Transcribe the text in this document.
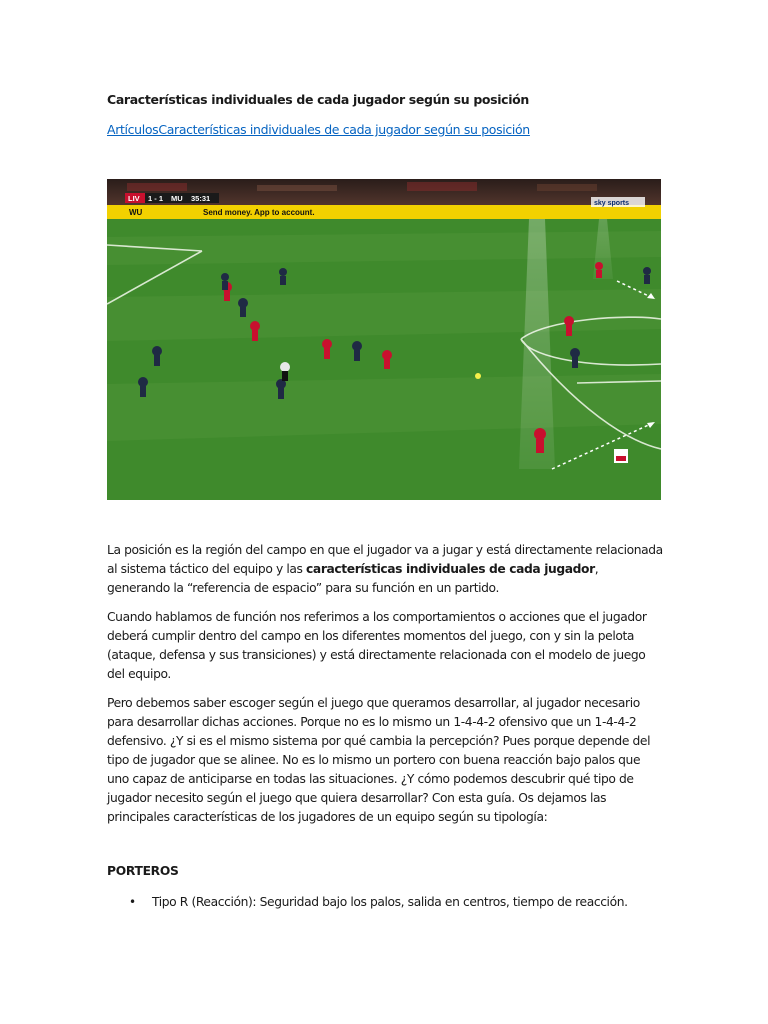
Características individuales de cada jugador según su posición
ArtículosCaracterísticas individuales de cada jugador según su posición
WU	Send money. App to account.
LIV 1 - 1 MU 35:31
sky sports
La posición es la región del campo en que el jugador va a jugar y está directamente relacionada al sistema táctico del equipo y las características individuales de cada jugador, generando la “referencia de espacio” para su función en un partido.
Cuando hablamos de función nos referimos a los comportamientos o acciones que el jugador deberá cumplir dentro del campo en los diferentes momentos del juego, con y sin la pelota (ataque, defensa y sus transiciones) y está directamente relacionada con el modelo de juego del equipo.
Pero debemos saber escoger según el juego que queramos desarrollar, al jugador necesario para desarrollar dichas acciones. Porque no es lo mismo un 1-4-4-2 ofensivo que un 1-4-4-2 defensivo. ¿Y si es el mismo sistema por qué cambia la percepción? Pues porque depende del tipo de jugador que se alinee. No es lo mismo un portero con buena reacción bajo palos que uno capaz de anticiparse en todas las situaciones. ¿Y cómo podemos descubrir qué tipo de jugador necesito según el juego que quiera desarrollar? Con esta guía. Os dejamos las principales características de los jugadores de un equipo según su tipología:
PORTEROS
• Tipo R (Reacción): Seguridad bajo los palos, salida en centros, tiempo de reacción.
